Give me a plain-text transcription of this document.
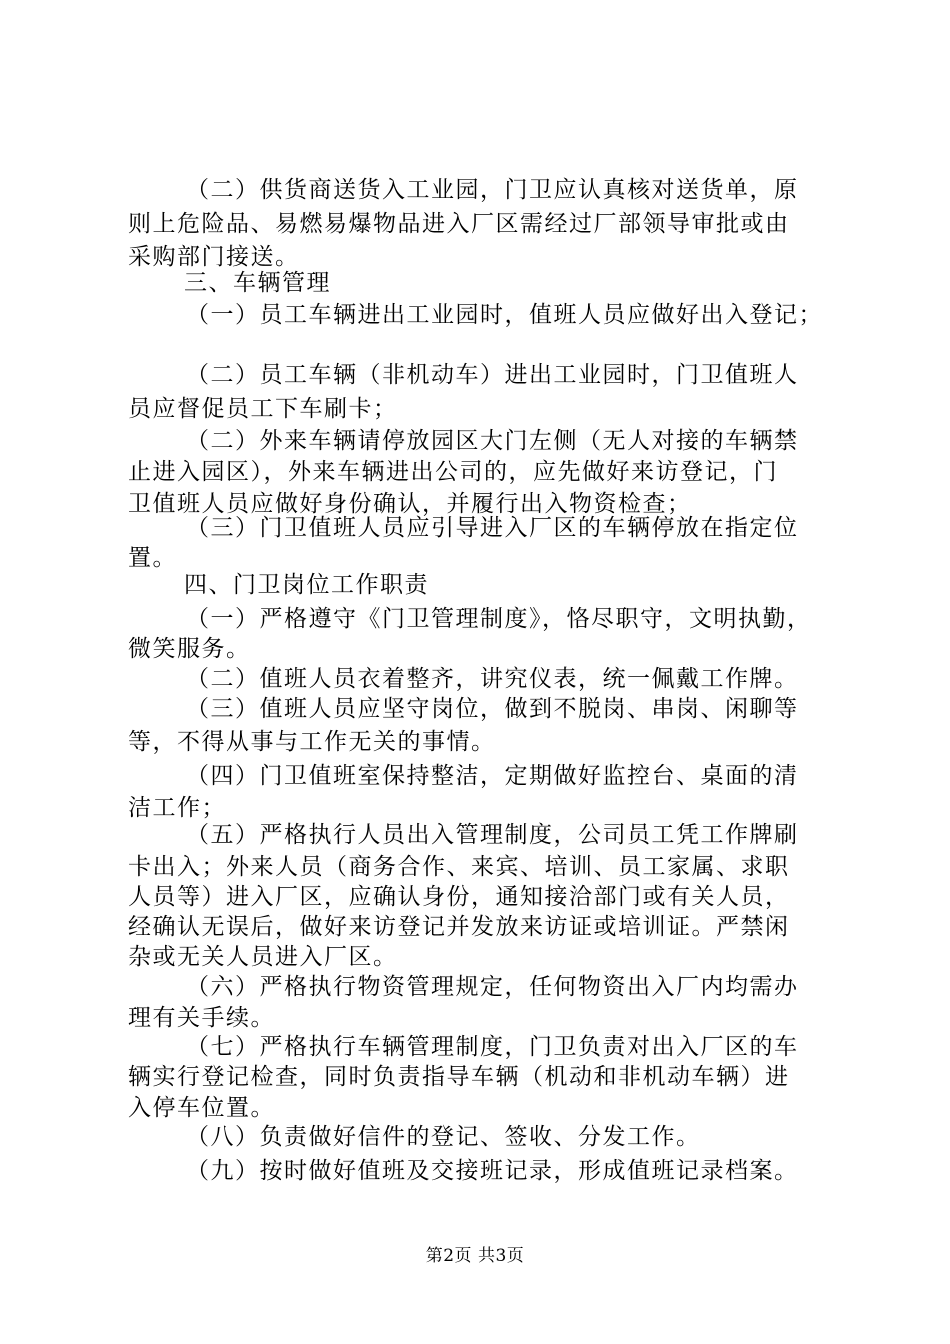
（二）供货商送货入工业园，门卫应认真核对送货单，原
则上危险品、易燃易爆物品进入厂区需经过厂部领导审批或由
采购部门接送。
三、车辆管理
（一）员工车辆进出工业园时，值班人员应做好出入登记；
（二）员工车辆（非机动车）进出工业园时，门卫值班人
员应督促员工下车刷卡；
（二）外来车辆请停放园区大门左侧（无人对接的车辆禁
止进入园区），外来车辆进出公司的，应先做好来访登记，门
卫值班人员应做好身份确认，并履行出入物资检查；
（三）门卫值班人员应引导进入厂区的车辆停放在指定位
置。
四、门卫岗位工作职责
（一）严格遵守《门卫管理制度》，恪尽职守，文明执勤，
微笑服务。
（二）值班人员衣着整齐，讲究仪表，统一佩戴工作牌。
（三）值班人员应坚守岗位，做到不脱岗、串岗、闲聊等
等，不得从事与工作无关的事情。
（四）门卫值班室保持整洁，定期做好监控台、桌面的清
洁工作；
（五）严格执行人员出入管理制度，公司员工凭工作牌刷
卡出入；外来人员（商务合作、来宾、培训、员工家属、求职
人员等）进入厂区，应确认身份，通知接洽部门或有关人员，
经确认无误后，做好来访登记并发放来访证或培训证。严禁闲
杂或无关人员进入厂区。
（六）严格执行物资管理规定，任何物资出入厂内均需办
理有关手续。
（七）严格执行车辆管理制度，门卫负责对出入厂区的车
辆实行登记检查，同时负责指导车辆（机动和非机动车辆）进
入停车位置。
（八）负责做好信件的登记、签收、分发工作。
（九）按时做好值班及交接班记录，形成值班记录档案。
第2页 共3页
